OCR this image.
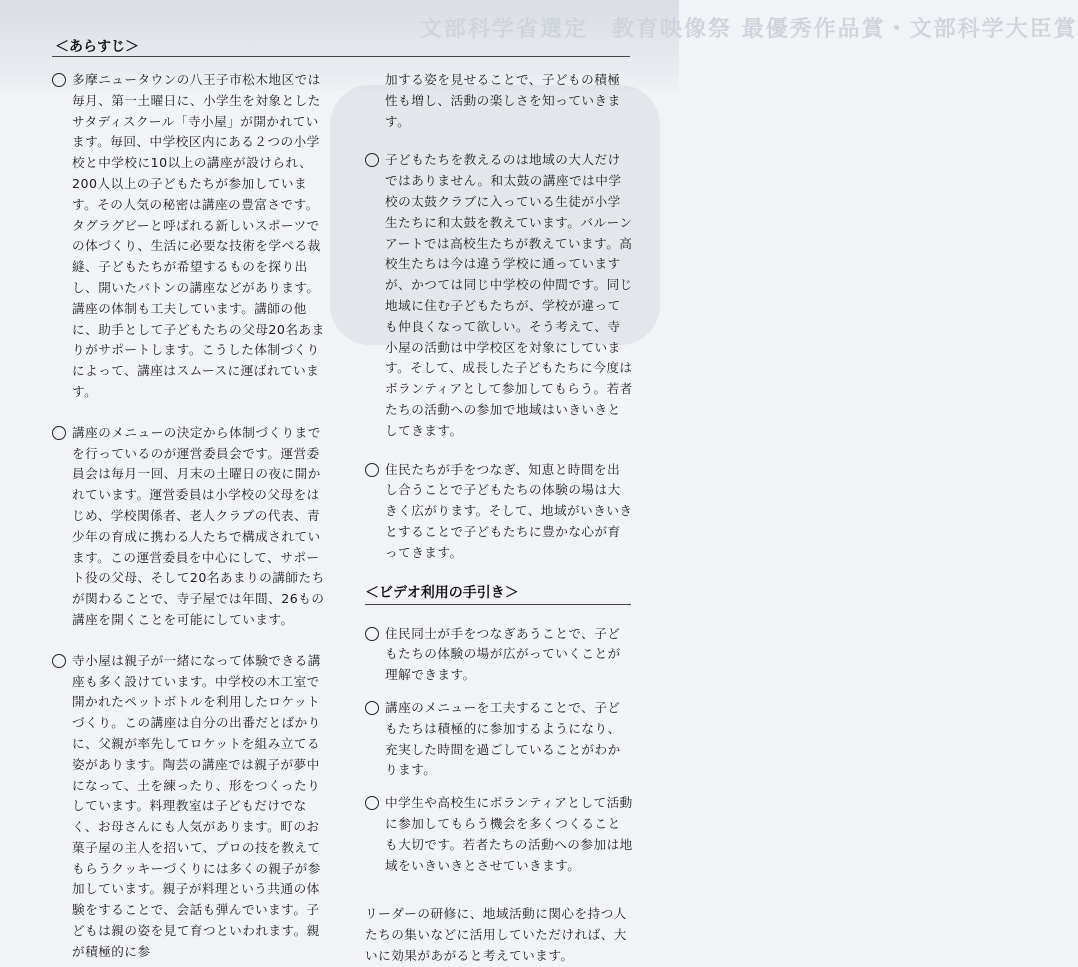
文部科学省選定　教育映像祭 最優秀作品賞・文部科学大臣賞
＜あらすじ＞
多摩ニュータウンの八王子市松木地区では毎月、第一土曜日に、小学生を対象としたサタディスクール「寺小屋」が開かれています。毎回、中学校区内にある２つの小学校と中学校に10以上の講座が設けられ、200人以上の子どもたちが参加しています。その人気の秘密は講座の豊富さです。タグラグビーと呼ばれる新しいスポーツでの体づくり、生活に必要な技術を学べる裁縫、子どもたちが希望するものを探り出し、開いたバトンの講座などがあります。講座の体制も工夫しています。講師の他に、助手として子どもたちの父母20名あまりがサポートします。こうした体制づくりによって、講座はスムースに運ばれています。
講座のメニューの決定から体制づくりまでを行っているのが運営委員会です。運営委員会は毎月一回、月末の土曜日の夜に開かれています。運営委員は小学校の父母をはじめ、学校関係者、老人クラブの代表、青少年の育成に携わる人たちで構成されています。この運営委員を中心にして、サポート役の父母、そして20名あまりの講師たちが関わることで、寺子屋では年間、26もの講座を開くことを可能にしています。
寺小屋は親子が一緒になって体験できる講座も多く設けています。中学校の木工室で開かれたペットボトルを利用したロケットづくり。この講座は自分の出番だとばかりに、父親が率先してロケットを組み立てる姿があります。陶芸の講座では親子が夢中になって、土を練ったり、形をつくったりしています。料理教室は子どもだけでなく、お母さんにも人気があります。町のお菓子屋の主人を招いて、プロの技を教えてもらうクッキーづくりには多くの親子が参加しています。親子が料理という共通の体験をすることで、会話も弾んでいます。子どもは親の姿を見て育つといわれます。親が積極的に参
加する姿を見せることで、子どもの積極性も増し、活動の楽しさを知っていきます。
子どもたちを教えるのは地域の大人だけではありません。和太鼓の講座では中学校の太鼓クラブに入っている生徒が小学生たちに和太鼓を教えています。バルーンアートでは高校生たちが教えています。高校生たちは今は違う学校に通っていますが、かつては同じ中学校の仲間です。同じ地域に住む子どもたちが、学校が違っても仲良くなって欲しい。そう考えて、寺小屋の活動は中学校区を対象にしています。そして、成長した子どもたちに今度はボランティアとして参加してもらう。若者たちの活動への参加で地域はいきいきとしてきます。
住民たちが手をつなぎ、知恵と時間を出し合うことで子どもたちの体験の場は大きく広がります。そして、地域がいきいきとすることで子どもたちに豊かな心が育ってきます。
＜ビデオ利用の手引き＞
住民同士が手をつなぎあうことで、子どもたちの体験の場が広がっていくことが理解できます。
講座のメニューを工夫することで、子どもたちは積極的に参加するようになり、充実した時間を過ごしていることがわかります。
中学生や高校生にボランティアとして活動に参加してもらう機会を多くつくることも大切です。若者たちの活動への参加は地域をいきいきとさせていきます。
リーダーの研修に、地域活動に関心を持つ人たちの集いなどに活用していただければ、大いに効果があがると考えています。
